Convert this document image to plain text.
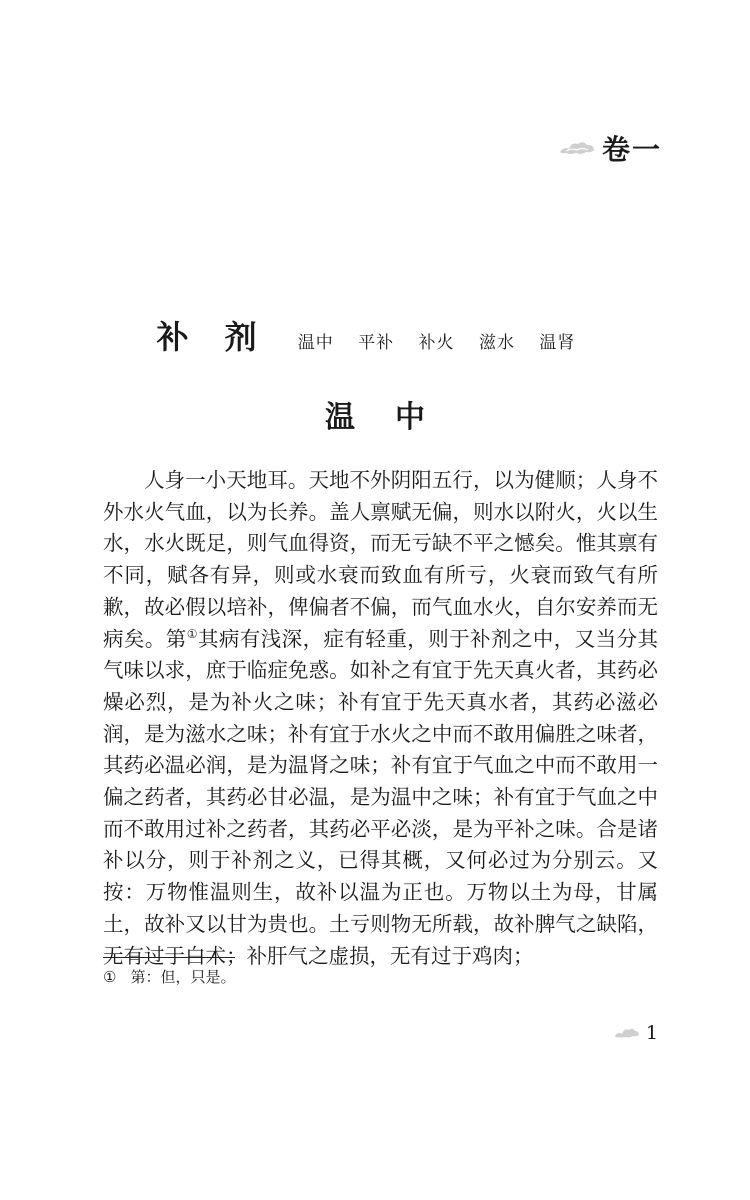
卷一
补剂 温中 平补 补火 滋水 温肾
温中

人身一小天地耳。天地不外阴阳五行，以为健顺；人身不外水火气血，以为长养。盖人禀赋无偏，则水以附火，火以生水，水火既足，则气血得资，而无亏缺不平之憾矣。惟其禀有不同，赋各有异，则或水衰而致血有所亏，火衰而致气有所歉，故必假以培补，俾偏者不偏，而气血水火，自尔安养而无病矣。第①其病有浅深，症有轻重，则于补剂之中，又当分其气味以求，庶于临症免惑。如补之有宜于先天真火者，其药必燥必烈，是为补火之味；补有宜于先天真水者，其药必滋必润，是为滋水之味；补有宜于水火之中而不敢用偏胜之味者，其药必温必润，是为温肾之味；补有宜于气血之中而不敢用一偏之药者，其药必甘必温，是为温中之味；补有宜于气血之中而不敢用过补之药者，其药必平必淡，是为平补之味。合是诸补以分，则于补剂之义，已得其概，又何必过为分别云。又按：万物惟温则生，故补以温为正也。万物以土为母，甘属土，故补又以甘为贵也。土亏则物无所载，故补脾气之缺陷，无有过于白术；补肝气之虚损，无有过于鸡肉；

① 第：但，只是。
1
